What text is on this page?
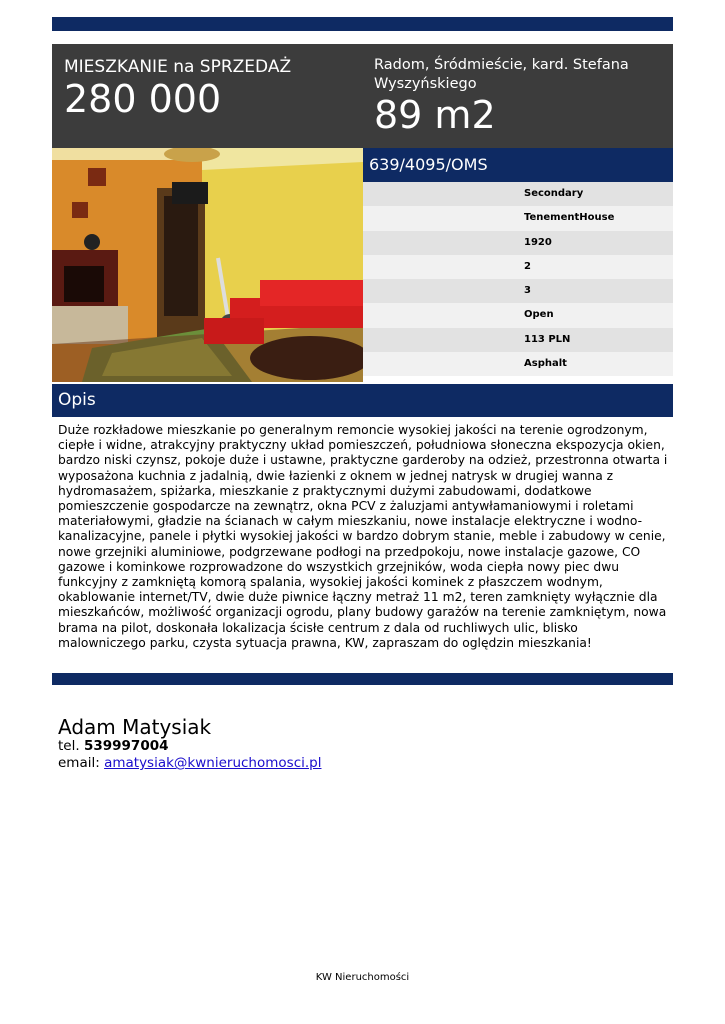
MIESZKANIE na SPRZEDAŻ
280 000
Radom, Śródmieście, kard. Stefana Wyszyńskiego
89 m2
639/4095/OMS
Secondary
TenementHouse
1920
2
3
Open
113 PLN
Asphalt
Opis
Duże rozkładowe mieszkanie po generalnym remoncie wysokiej jakości na terenie ogrodzonym, ciepłe i widne, atrakcyjny praktyczny układ pomieszczeń, południowa słoneczna ekspozycja okien, bardzo niski czynsz, pokoje duże i ustawne, praktyczne garderoby na odzież, przestronna otwarta i wyposażona kuchnia z jadalnią, dwie łazienki z oknem w jednej natrysk w drugiej wanna z hydromasażem, spiżarka, mieszkanie z praktycznymi dużymi zabudowami, dodatkowe pomieszczenie gospodarcze na zewnątrz, okna PCV z żaluzjami antywłamaniowymi i roletami materiałowymi, gładzie na ścianach w całym mieszkaniu, nowe instalacje elektryczne i wodno-kanalizacyjne, panele i płytki wysokiej jakości w bardzo dobrym stanie, meble i zabudowy w cenie, nowe grzejniki aluminiowe, podgrzewane podłogi na przedpokoju, nowe instalacje gazowe, CO gazowe i kominkowe rozprowadzone do wszystkich grzejników, woda ciepła nowy piec dwu funkcyjny z zamkniętą komorą spalania, wysokiej jakości kominek z płaszczem wodnym, okablowanie internet/TV, dwie duże piwnice łączny metraż 11 m2, teren zamknięty wyłącznie dla mieszkańców, możliwość organizacji ogrodu, plany budowy garażów na terenie zamkniętym, nowa brama na pilot, doskonała lokalizacja ścisłe centrum z dala od ruchliwych ulic, blisko malowniczego parku, czysta sytuacja prawna, KW, zapraszam do oględzin mieszkania!
Adam Matysiak
tel. 539997004
email: amatysiak@kwnieruchomosci.pl
KW Nieruchomości
